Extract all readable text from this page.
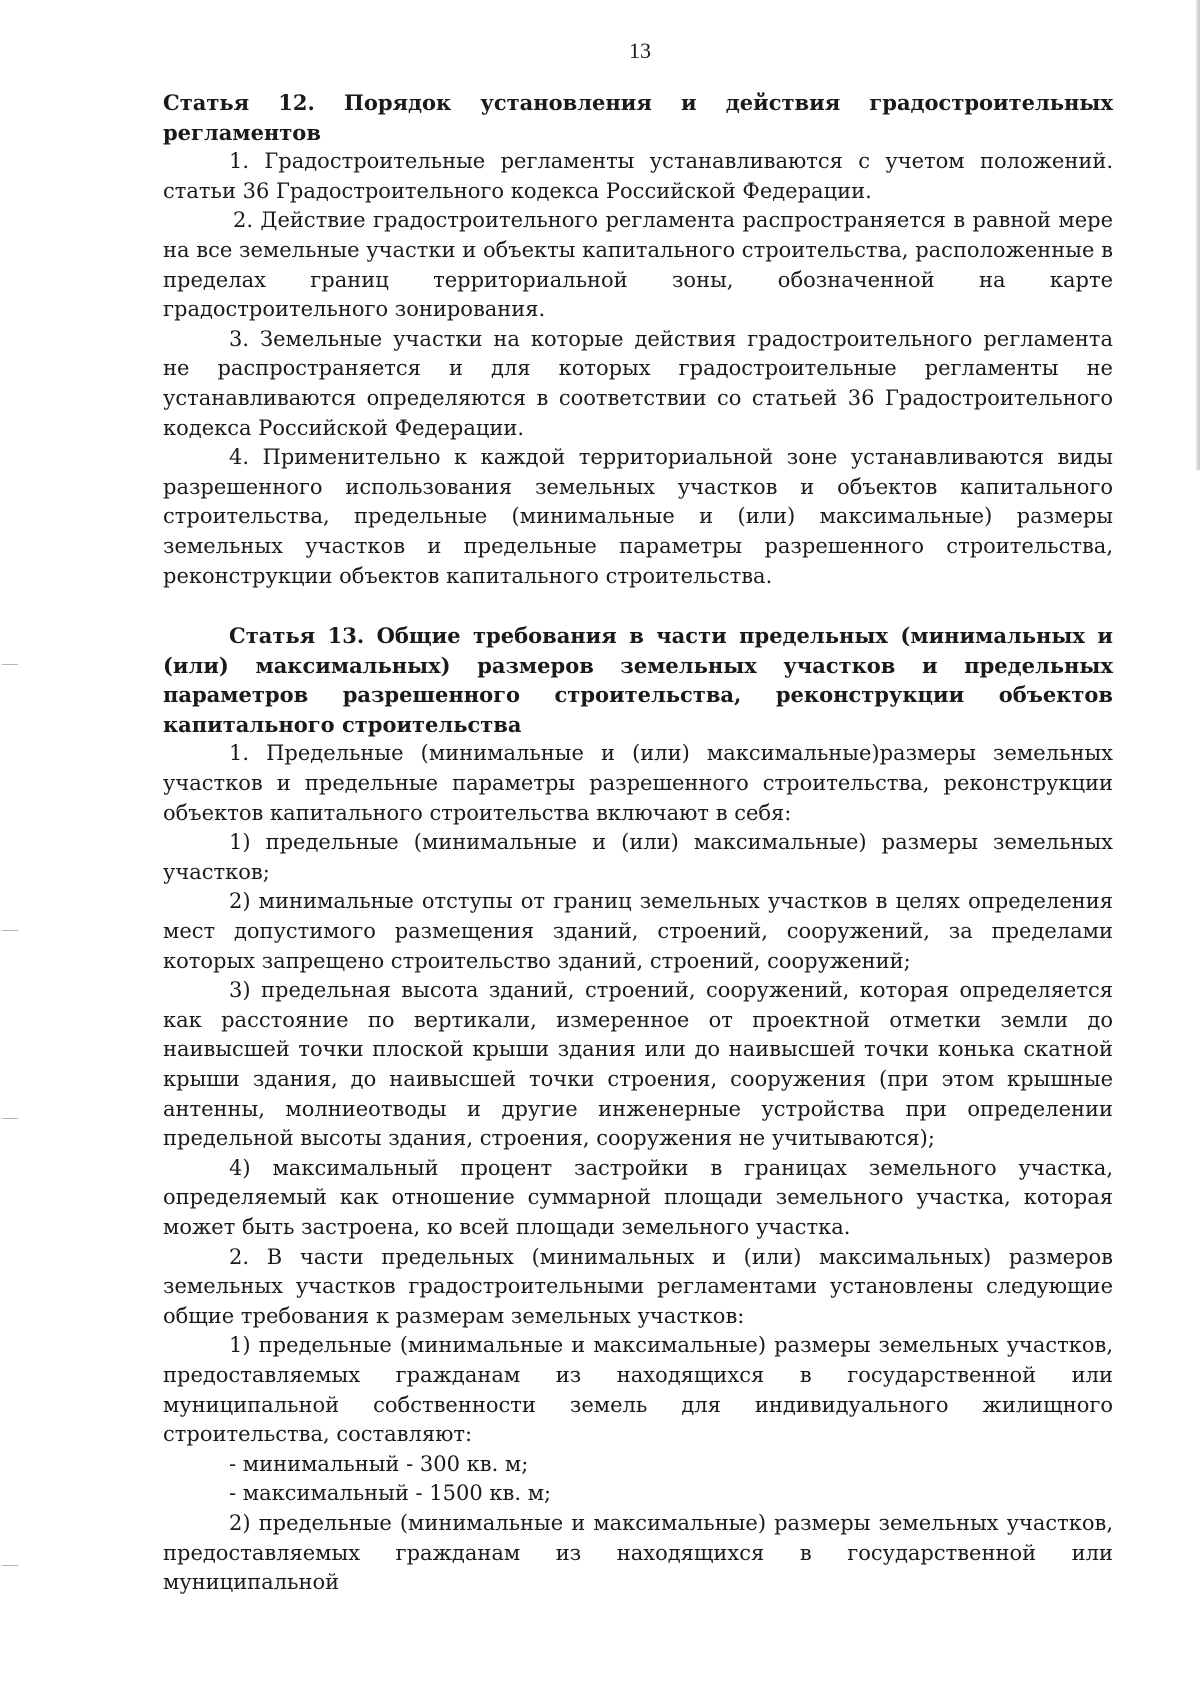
13

Статья 12. Порядок установления и действия градостроительных регламентов

1. Градостроительные регламенты устанавливаются с учетом положений. статьи 36 Градостроительного кодекса Российской Федерации.

2. Действие градостроительного регламента распространяется в равной мере на все земельные участки и объекты капитального строительства, расположенные в пределах границ территориальной зоны, обозначенной на карте градостроительного зонирования.

3. Земельные участки на которые действия градостроительного регламента не распространяется и для которых градостроительные регламенты не устанавливаются определяются в соответствии со статьей 36 Градостроительного кодекса Российской Федерации.

4. Применительно к каждой территориальной зоне устанавливаются виды разрешенного использования земельных участков и объектов капитального строительства, предельные (минимальные и (или) максимальные) размеры земельных участков и предельные параметры разрешенного строительства, реконструкции объектов капитального строительства.

Статья 13. Общие требования в части предельных (минимальных и (или) максимальных) размеров земельных участков и предельных параметров разрешенного строительства, реконструкции объектов капитального строительства

1. Предельные (минимальные и (или) максимальные)размеры земельных участков и предельные параметры разрешенного строительства, реконструкции объектов капитального строительства включают в себя:

1) предельные (минимальные и (или) максимальные) размеры земельных участков;

2) минимальные отступы от границ земельных участков в целях определения мест допустимого размещения зданий, строений, сооружений, за пределами которых запрещено строительство зданий, строений, сооружений;

3) предельная высота зданий, строений, сооружений, которая определяется как расстояние по вертикали, измеренное от проектной отметки земли до наивысшей точки плоской крыши здания или до наивысшей точки конька скатной крыши здания, до наивысшей точки строения, сооружения (при этом крышные антенны, молниеотводы и другие инженерные устройства при определении предельной высоты здания, строения, сооружения не учитываются);

4) максимальный процент застройки в границах земельного участка, определяемый как отношение суммарной площади земельного участка, которая может быть застроена, ко всей площади земельного участка.

2. В части предельных (минимальных и (или) максимальных) размеров земельных участков градостроительными регламентами установлены следующие общие требования к размерам земельных участков:

1) предельные (минимальные и максимальные) размеры земельных участков, предоставляемых гражданам из находящихся в государственной или муниципальной собственности земель для индивидуального жилищного строительства, составляют:

- минимальный - 300 кв. м;

- максимальный - 1500 кв. м;

2) предельные (минимальные и максимальные) размеры земельных участков, предоставляемых гражданам из находящихся в государственной или муниципальной
